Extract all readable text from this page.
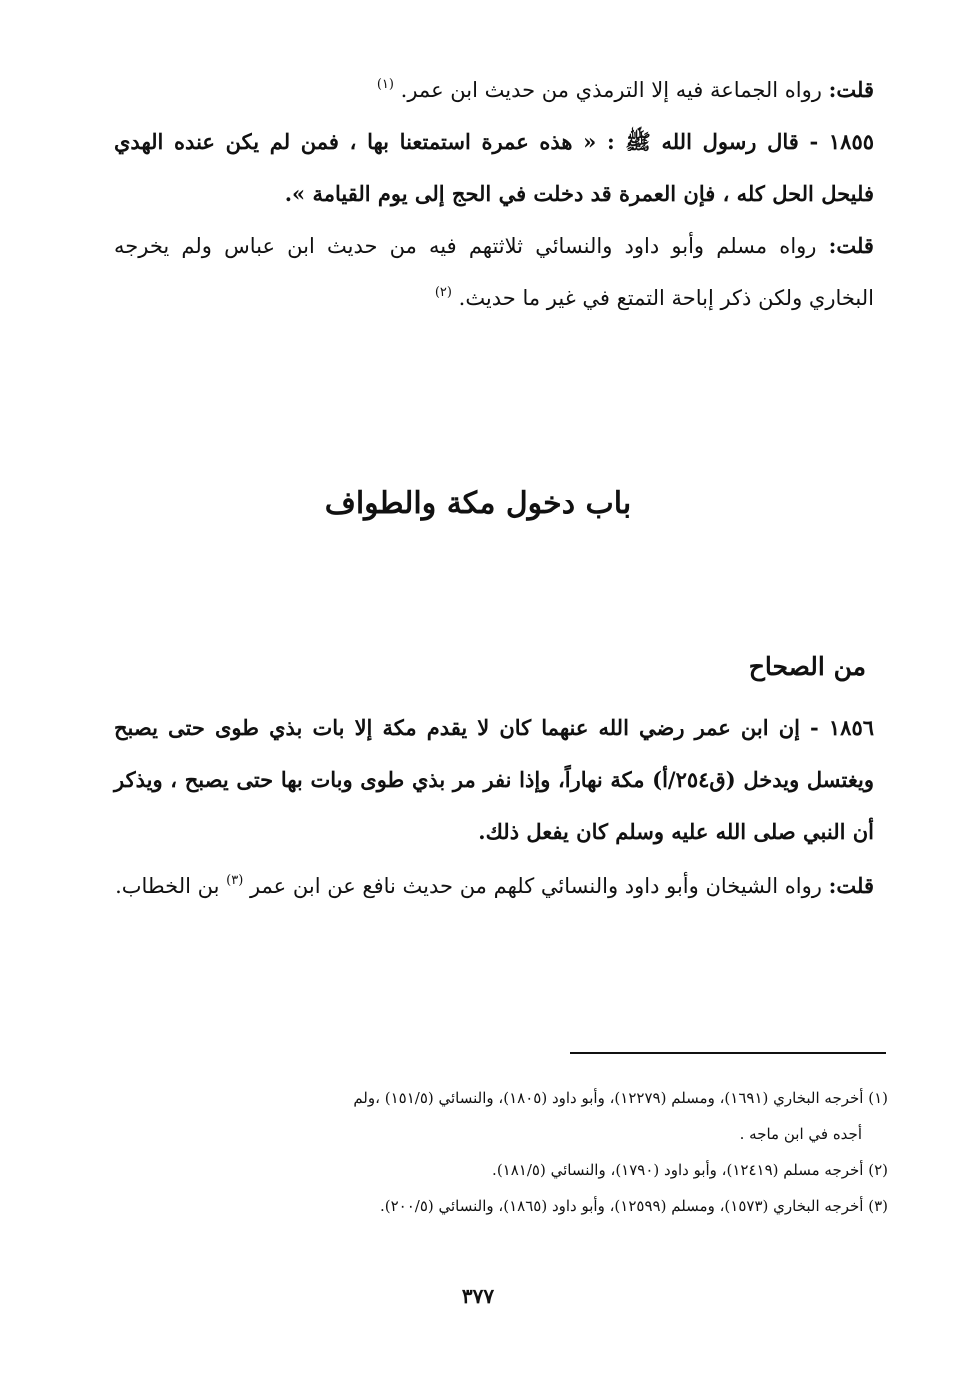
قلت: رواه الجماعة فيه إلا الترمذي من حديث ابن عمر. $^{(١)}$

١٨٥٥ - قال رسول الله ﷺ : « هذه عمرة استمتعنا بها ، فمن لم يكن عنده الهدي فليحل الحل كله ، فإن العمرة قد دخلت في الحج إلى يوم القيامة ».

قلت: رواه مسلم وأبو داود والنسائي ثلاثتهم فيه من حديث ابن عباس ولم يخرجه البخاري ولكن ذكر إباحة التمتع في غير ما حديث. $^{(٢)}$

باب دخول مكة والطواف
من الصحاح

١٨٥٦ - إن ابن عمر رضي الله عنهما كان لا يقدم مكة إلا بات بذي طوى حتى يصبح ويغتسل ويدخل (ق٢٥٤/أ) مكة نهاراً، وإذا نفر مر بذي طوى وبات بها حتى يصبح ، ويذكر أن النبي صلى الله عليه وسلم كان يفعل ذلك.

قلت: رواه الشيخان وأبو داود والنسائي كلهم من حديث نافع عن ابن عمر $^{(٣)}$ بن الخطاب.

(١) أخرجه البخاري (١٦٩١)، ومسلم (١٢٢٧٩)، وأبو داود (١٨٠٥)، والنسائي (١٥١/٥) ،ولم

أجده في ابن ماجه .

(٢) أخرجه مسلم (١٢٤١٩)، وأبو داود (١٧٩٠)، والنسائي (١٨١/٥).

(٣) أخرجه البخاري (١٥٧٣)، ومسلم (١٢٥٩٩)، وأبو داود (١٨٦٥)، والنسائي (٢٠٠/٥).

٣٧٧
